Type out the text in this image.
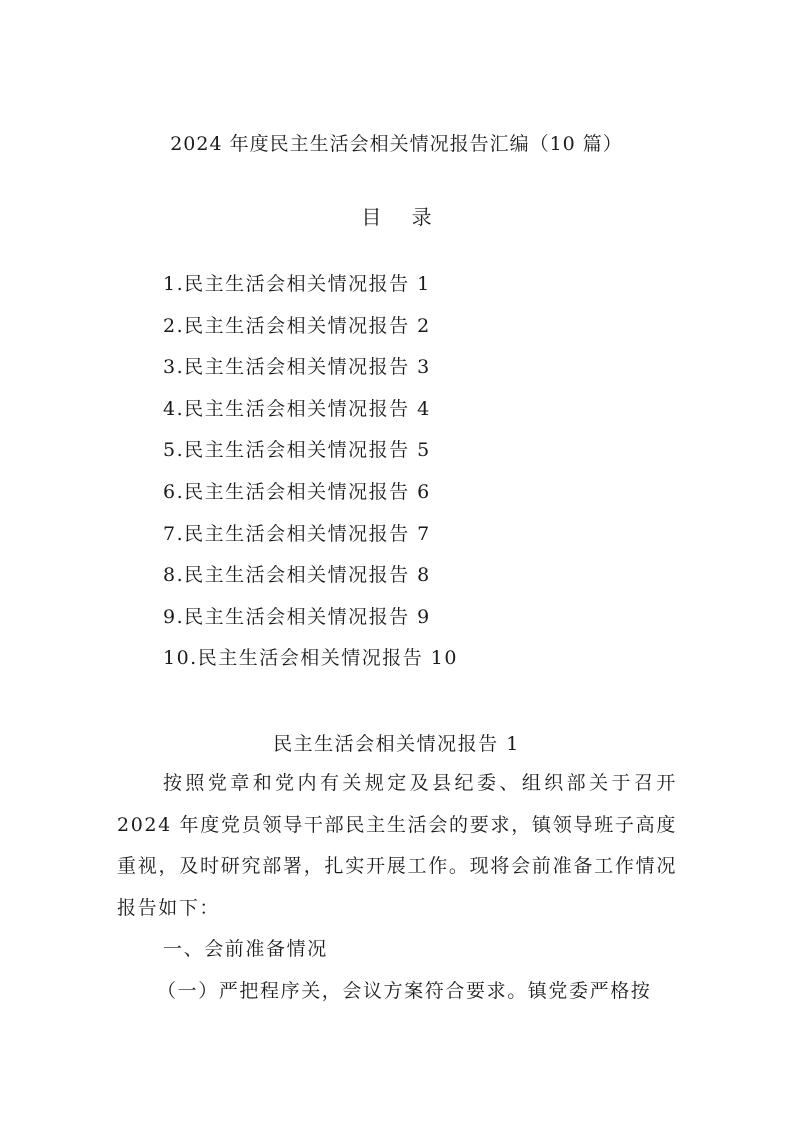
2024 年度民主生活会相关情况报告汇编（10 篇）
目 录
1.民主生活会相关情况报告 1
2.民主生活会相关情况报告 2
3.民主生活会相关情况报告 3
4.民主生活会相关情况报告 4
5.民主生活会相关情况报告 5
6.民主生活会相关情况报告 6
7.民主生活会相关情况报告 7
8.民主生活会相关情况报告 8
9.民主生活会相关情况报告 9
10.民主生活会相关情况报告 10
民主生活会相关情况报告 1

按照党章和党内有关规定及县纪委、组织部关于召开2024 年度党员领导干部民主生活会的要求，镇领导班子高度重视，及时研究部署，扎实开展工作。现将会前准备工作情况报告如下：

一、会前准备情况

（一）严把程序关，会议方案符合要求。镇党委严格按
